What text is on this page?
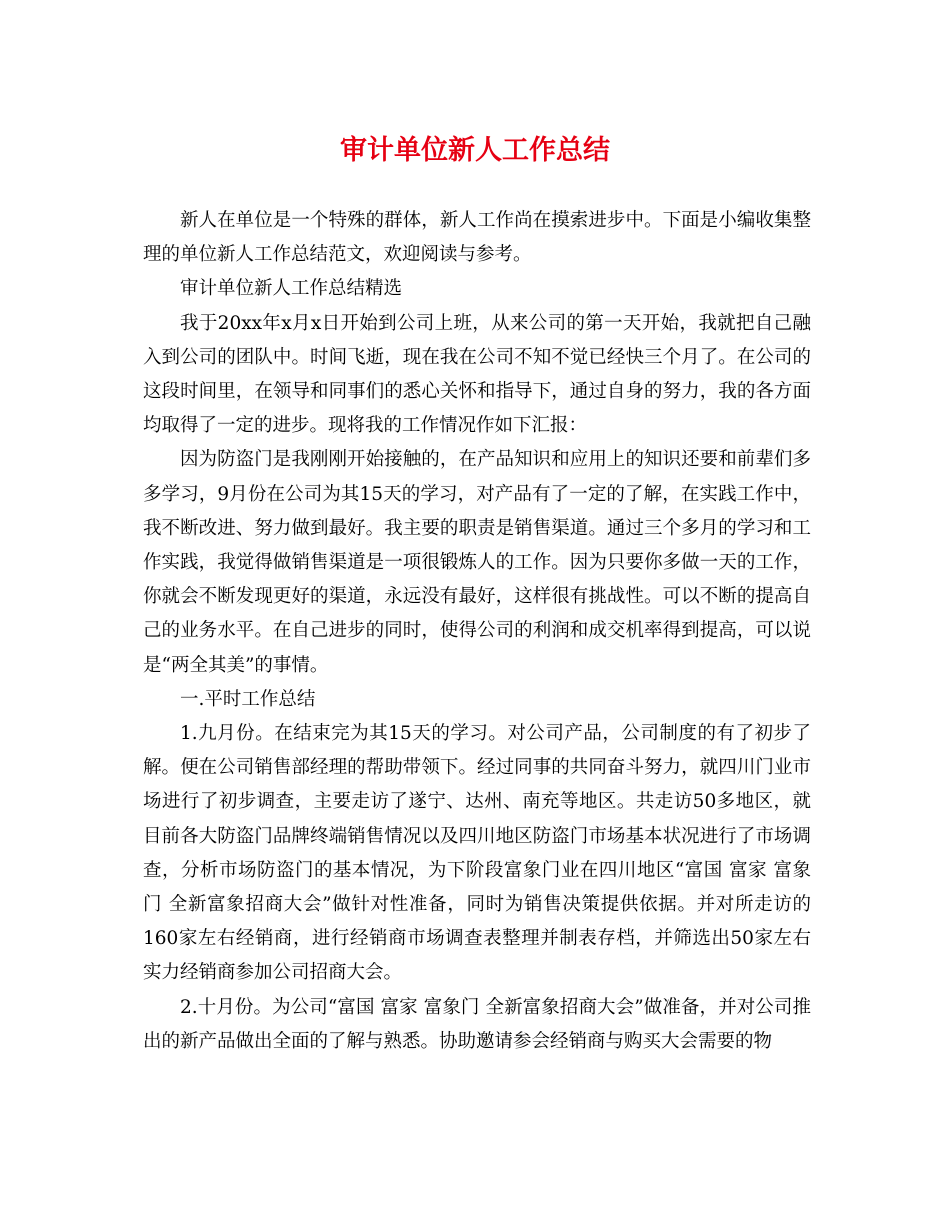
审计单位新人工作总结

新人在单位是一个特殊的群体，新人工作尚在摸索进步中。下面是小编收集整理的单位新人工作总结范文，欢迎阅读与参考。

审计单位新人工作总结精选

我于20xx年x月x日开始到公司上班，从来公司的第一天开始，我就把自己融入到公司的团队中。时间飞逝，现在我在公司不知不觉已经快三个月了。在公司的这段时间里，在领导和同事们的悉心关怀和指导下，通过自身的努力，我的各方面均取得了一定的进步。现将我的工作情况作如下汇报：

因为防盗门是我刚刚开始接触的，在产品知识和应用上的知识还要和前辈们多多学习，9月份在公司为其15天的学习，对产品有了一定的了解，在实践工作中，我不断改进、努力做到最好。我主要的职责是销售渠道。通过三个多月的学习和工作实践，我觉得做销售渠道是一项很锻炼人的工作。因为只要你多做一天的工作，你就会不断发现更好的渠道，永远没有最好，这样很有挑战性。可以不断的提高自己的业务水平。在自己进步的同时，使得公司的利润和成交机率得到提高，可以说是“两全其美”的事情。

一.平时工作总结

1.九月份。在结束完为其15天的学习。对公司产品，公司制度的有了初步了解。便在公司销售部经理的帮助带领下。经过同事的共同奋斗努力，就四川门业市场进行了初步调查，主要走访了遂宁、达州、南充等地区。共走访50多地区，就目前各大防盗门品牌终端销售情况以及四川地区防盗门市场基本状况进行了市场调查，分析市场防盗门的基本情况，为下阶段富象门业在四川地区“富国 富家 富象门 全新富象招商大会”做针对性准备，同时为销售决策提供依据。并对所走访的160家左右经销商，进行经销商市场调查表整理并制表存档，并筛选出50家左右实力经销商参加公司招商大会。

2.十月份。为公司“富国 富家 富象门 全新富象招商大会”做准备，并对公司推出的新产品做出全面的了解与熟悉。协助邀请参会经销商与购买大会需要的物
